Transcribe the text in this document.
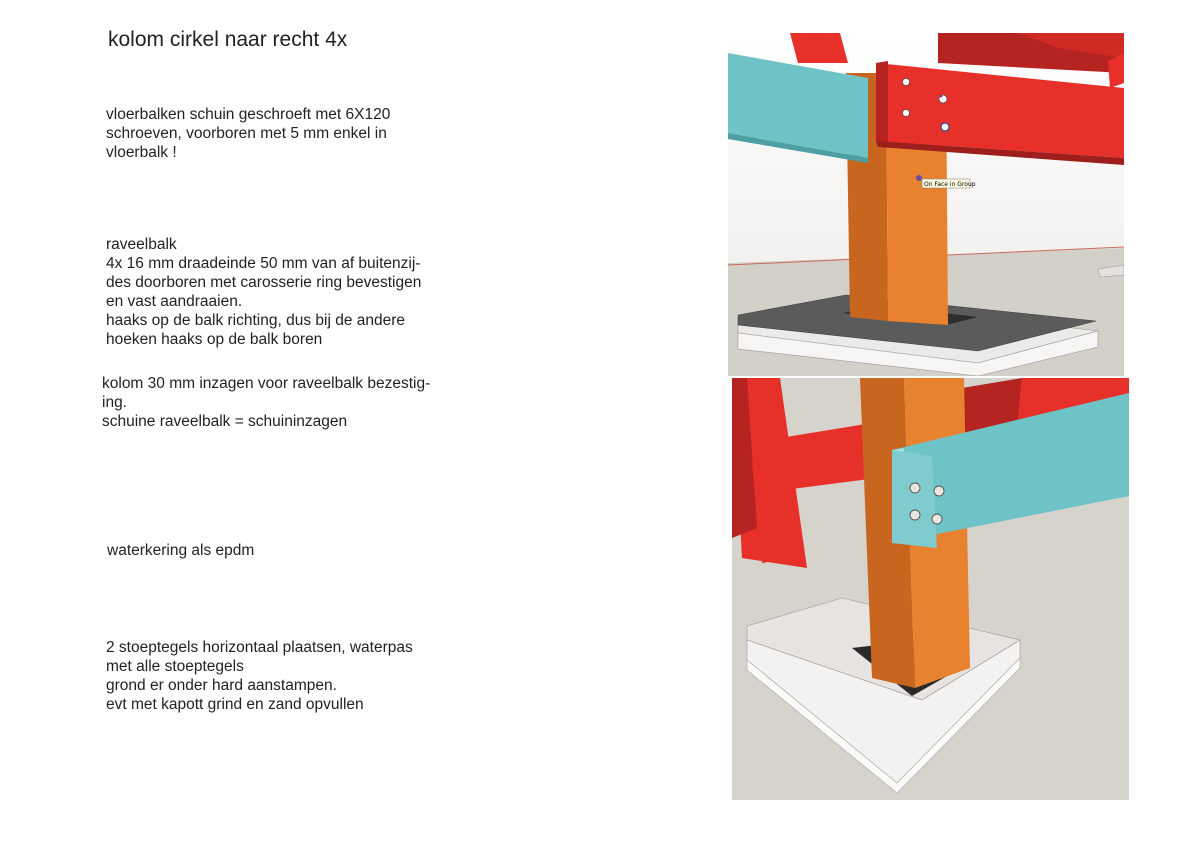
kolom cirkel naar recht 4x
vloerbalken schuin geschroeft met 6X120
schroeven, voorboren met 5 mm enkel in
vloerbalk !
raveelbalk
4x 16 mm draadeinde 50 mm van af buitenzij-
des doorboren met carosserie ring bevestigen
en vast aandraaien.
haaks op de balk richting, dus bij de andere
hoeken haaks op de balk boren
kolom 30 mm inzagen voor raveelbalk bezestig-
ing.
schuine raveelbalk = schuininzagen
waterkering als epdm
2 stoeptegels horizontaal plaatsen, waterpas
met alle stoeptegels
grond er onder hard aanstampen.
evt met kapott grind en zand opvullen
On Face in Group
